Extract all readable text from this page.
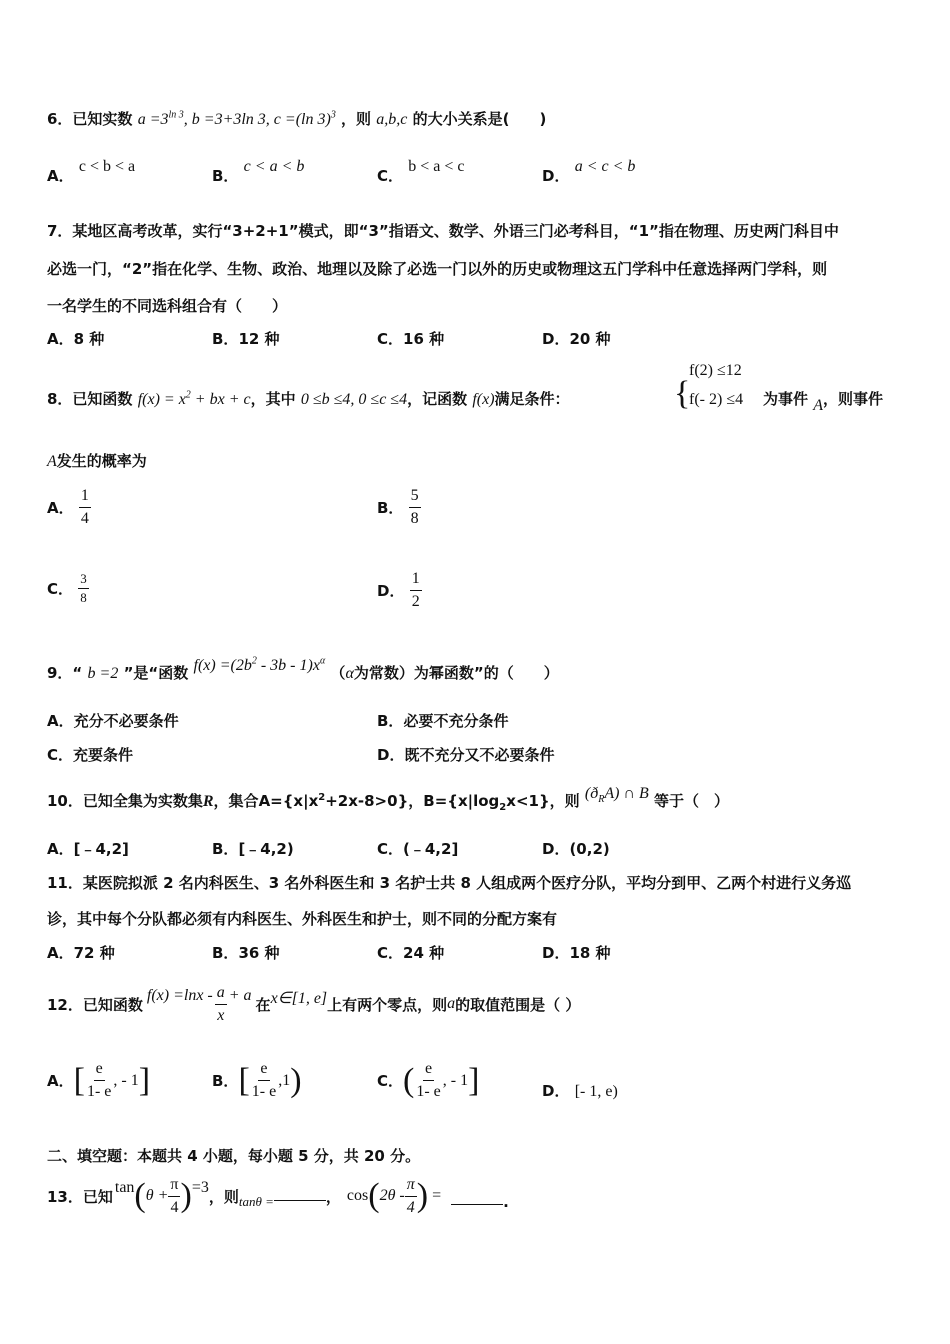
6．已知实数 $a =3^{ln 3}$, b =3+3ln 3, c =(ln 3)$^3$ ，则 a,b,c 的大小关系是(　　)
A． c < b < a
B． c < a < b
C． b < a < c
D． a < c < b
7．某地区高考改革，实行“3+2+1”模式，即“3”指语文、数学、外语三门必考科目，“1”指在物理、历史两门科目中
必选一门，“2”指在化学、生物、政治、地理以及除了必选一门以外的历史或物理这五门学科中任意选择两门学科，则
一名学生的不同选科组合有（　　）
A．8 种	B．12 种	C．16 种	D．20 种
8．已知函数 $f(x) = x^2$ + bx + c，其中 0 ≤b ≤4, 0 ≤c ≤4，记函数 f(x)满足条件：	{
f(2) ≤12
f(- 2) ≤4 为事件 A，则事件
A发生的概率为
A． $\frac{1}{4}$	B． $\frac{5}{8}$
C． $\frac{3}{8}$	D． $\frac{1}{2}$
9．“ b =2 ”是“函数 $f(x) =(2b^2 - 3b - 1)x^\alpha$ （α为常数）为幂函数”的（　　）
A．充分不必要条件	B．必要不充分条件
C．充要条件	D．既不充分又不必要条件
10．已知全集为实数集R，集合$A=\{x|x^2+2x-8>0\}$，$B=\{x|\log_2x<1\}$，则 $(ð_RA)$ ∩ B 等于（　）
A．[﹣4,2]	B．[﹣4,2)	C．(﹣4,2]	D．(0,2)
11．某医院拟派 2 名内科医生、3 名外科医生和 3 名护士共 8 人组成两个医疗分队，平均分到甲、乙两个村进行义务巡
诊，其中每个分队都必须有内科医生、外科医生和护士，则不同的分配方案有
A．72 种	B．36 种	C．24 种	D．18 种
12．已知函数 $f(x) =\ln x - \frac{a}{x} + a$ 在 x∈[1, e] 上有两个零点，则 a 的取值范围是（ ）
A． [ $\frac{e}{1- e}$ , - 1 ]	B． [ $\frac{e}{1- e} ,1$ )	C． ( $\frac{e}{1- e}$ , - 1 ]	D． [- 1, e)
二、填空题：本题共 4 小题，每小题 5 分，共 20 分。
13．已知 tan ( $\theta + \frac{\pi}{4}$ ) =3 ，则 tanθ =	， cos ( $2\theta - \frac{\pi}{4}$ ) =	.
